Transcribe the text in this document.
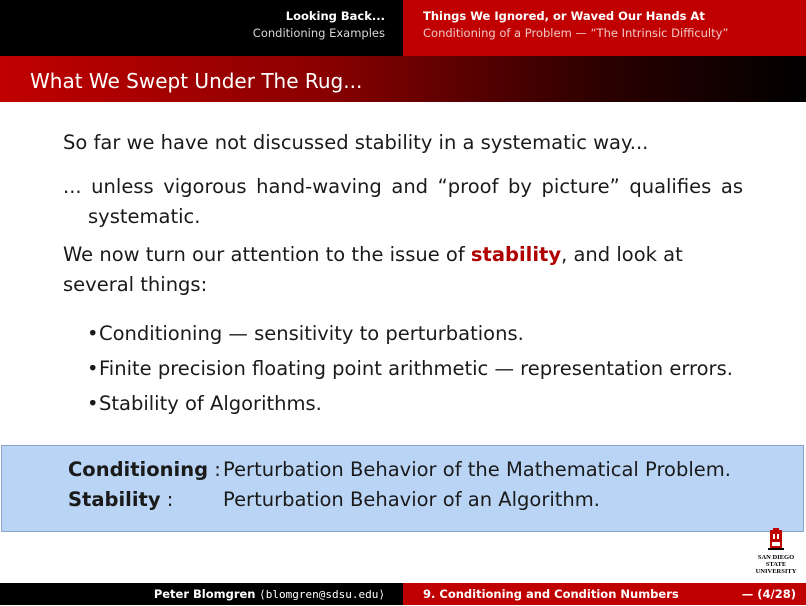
Looking Back...
Conditioning Examples
Things We Ignored, or Waved Our Hands At
Conditioning of a Problem — “The Intrinsic Difficulty”
What We Swept Under The Rug...
So far we have not discussed stability in a systematic way...
... unless vigorous hand-waving and “proof by picture” qualifies as systematic.
We now turn our attention to the issue of stability, and look at several things:
•Conditioning — sensitivity to perturbations.
•Finite precision floating point arithmetic — representation errors.
•Stability of Algorithms.
Conditioning : Perturbation Behavior of the Mathematical Problem.
Stability :	Perturbation Behavior of an Algorithm.
SAN DIEGO STATE
UNIVERSITY
Peter Blomgren ⟨blomgren@sdsu.edu⟩	9. Conditioning and Condition Numbers	— (4/28)
